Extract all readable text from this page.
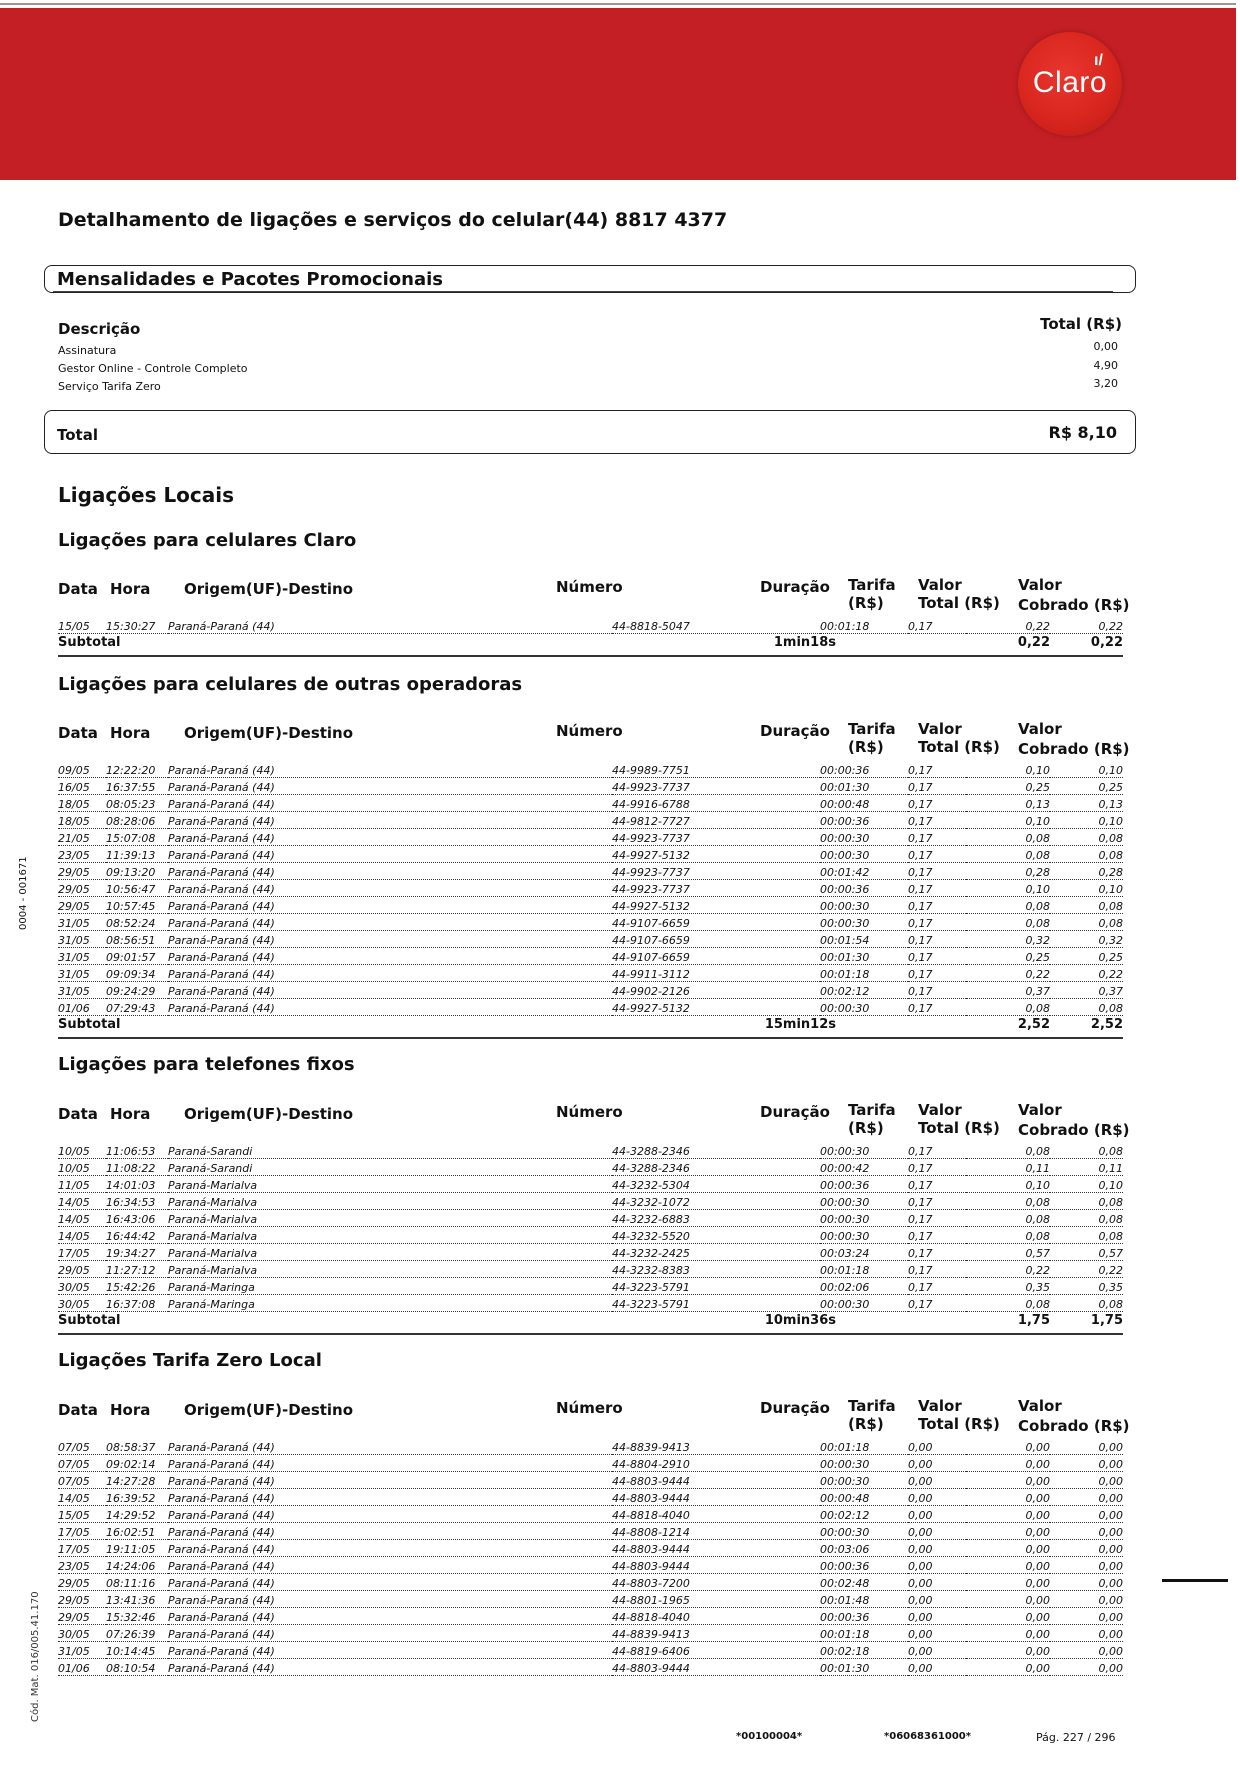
Claro
ı/
Detalhamento de ligações e serviços do celular(44) 8817 4377
Mensalidades e Pacotes Promocionais
Descrição	Total (R$)
Assinatura	0,00
Gestor Online - Controle Completo	4,90
Serviço Tarifa Zero	3,20
Total	R$ 8,10
Ligações Locais
Ligações para celulares Claro
Data Hora Origem(UF)-Destino	Número	Duração Tarifa
(R$)
Valor
Total (R$)
Valor
Cobrado (R$)
15/05	15:30:27	Paraná-Paraná (44)	44-8818-5047	00:01:18	0,17	0,22	0,22
Subtotal	1min18s	0,22	0,22
Ligações para celulares de outras operadoras
Data Hora Origem(UF)-Destino	Número	Duração Tarifa
(R$)
Valor
Total (R$)
Valor
Cobrado (R$)
09/05	12:22:20	Paraná-Paraná (44)	44-9989-7751	00:00:36	0,17	0,10	0,10
16/05	16:37:55	Paraná-Paraná (44)	44-9923-7737	00:01:30	0,17	0,25	0,25
18/05	08:05:23	Paraná-Paraná (44)	44-9916-6788	00:00:48	0,17	0,13	0,13
18/05	08:28:06	Paraná-Paraná (44)	44-9812-7727	00:00:36	0,17	0,10	0,10
21/05	15:07:08	Paraná-Paraná (44)	44-9923-7737	00:00:30	0,17	0,08	0,08
23/05	11:39:13	Paraná-Paraná (44)	44-9927-5132	00:00:30	0,17	0,08	0,08
29/05	09:13:20	Paraná-Paraná (44)	44-9923-7737	00:01:42	0,17	0,28	0,28
29/05	10:56:47	Paraná-Paraná (44)	44-9923-7737	00:00:36	0,17	0,10	0,10
29/05	10:57:45	Paraná-Paraná (44)	44-9927-5132	00:00:30	0,17	0,08	0,08
31/05	08:52:24	Paraná-Paraná (44)	44-9107-6659	00:00:30	0,17	0,08	0,08
31/05	08:56:51	Paraná-Paraná (44)	44-9107-6659	00:01:54	0,17	0,32	0,32
31/05	09:01:57	Paraná-Paraná (44)	44-9107-6659	00:01:30	0,17	0,25	0,25
31/05	09:09:34	Paraná-Paraná (44)	44-9911-3112	00:01:18	0,17	0,22	0,22
31/05	09:24:29	Paraná-Paraná (44)	44-9902-2126	00:02:12	0,17	0,37	0,37
01/06	07:29:43	Paraná-Paraná (44)	44-9927-5132	00:00:30	0,17	0,08	0,08
Subtotal	15min12s	2,52	2,52
Ligações para telefones fixos
Data Hora Origem(UF)-Destino	Número	Duração Tarifa
(R$)
Valor
Total (R$)
Valor
Cobrado (R$)
10/05	11:06:53	Paraná-Sarandi	44-3288-2346	00:00:30	0,17	0,08	0,08
10/05	11:08:22	Paraná-Sarandi	44-3288-2346	00:00:42	0,17	0,11	0,11
11/05	14:01:03	Paraná-Marialva	44-3232-5304	00:00:36	0,17	0,10	0,10
14/05	16:34:53	Paraná-Marialva	44-3232-1072	00:00:30	0,17	0,08	0,08
14/05	16:43:06	Paraná-Marialva	44-3232-6883	00:00:30	0,17	0,08	0,08
14/05	16:44:42	Paraná-Marialva	44-3232-5520	00:00:30	0,17	0,08	0,08
17/05	19:34:27	Paraná-Marialva	44-3232-2425	00:03:24	0,17	0,57	0,57
29/05	11:27:12	Paraná-Marialva	44-3232-8383	00:01:18	0,17	0,22	0,22
30/05	15:42:26	Paraná-Maringa	44-3223-5791	00:02:06	0,17	0,35	0,35
30/05	16:37:08	Paraná-Maringa	44-3223-5791	00:00:30	0,17	0,08	0,08
Subtotal	10min36s	1,75	1,75
Ligações Tarifa Zero Local
Data Hora Origem(UF)-Destino	Número	Duração Tarifa
(R$)
Valor
Total (R$)
Valor
Cobrado (R$)
07/05	08:58:37	Paraná-Paraná (44)	44-8839-9413	00:01:18	0,00	0,00	0,00
07/05	09:02:14	Paraná-Paraná (44)	44-8804-2910	00:00:30	0,00	0,00	0,00
07/05	14:27:28	Paraná-Paraná (44)	44-8803-9444	00:00:30	0,00	0,00	0,00
14/05	16:39:52	Paraná-Paraná (44)	44-8803-9444	00:00:48	0,00	0,00	0,00
15/05	14:29:52	Paraná-Paraná (44)	44-8818-4040	00:02:12	0,00	0,00	0,00
17/05	16:02:51	Paraná-Paraná (44)	44-8808-1214	00:00:30	0,00	0,00	0,00
17/05	19:11:05	Paraná-Paraná (44)	44-8803-9444	00:03:06	0,00	0,00	0,00
23/05	14:24:06	Paraná-Paraná (44)	44-8803-9444	00:00:36	0,00	0,00	0,00
29/05	08:11:16	Paraná-Paraná (44)	44-8803-7200	00:02:48	0,00	0,00	0,00
29/05	13:41:36	Paraná-Paraná (44)	44-8801-1965	00:01:48	0,00	0,00	0,00
29/05	15:32:46	Paraná-Paraná (44)	44-8818-4040	00:00:36	0,00	0,00	0,00
30/05	07:26:39	Paraná-Paraná (44)	44-8839-9413	00:01:18	0,00	0,00	0,00
31/05	10:14:45	Paraná-Paraná (44)	44-8819-6406	00:02:18	0,00	0,00	0,00
01/06	08:10:54	Paraná-Paraná (44)	44-8803-9444	00:01:30	0,00	0,00	0,00
0004 - 001671
Cód. Mat. 016/005.41.170
*00100004*	*06068361000*	Pág. 227 / 296
